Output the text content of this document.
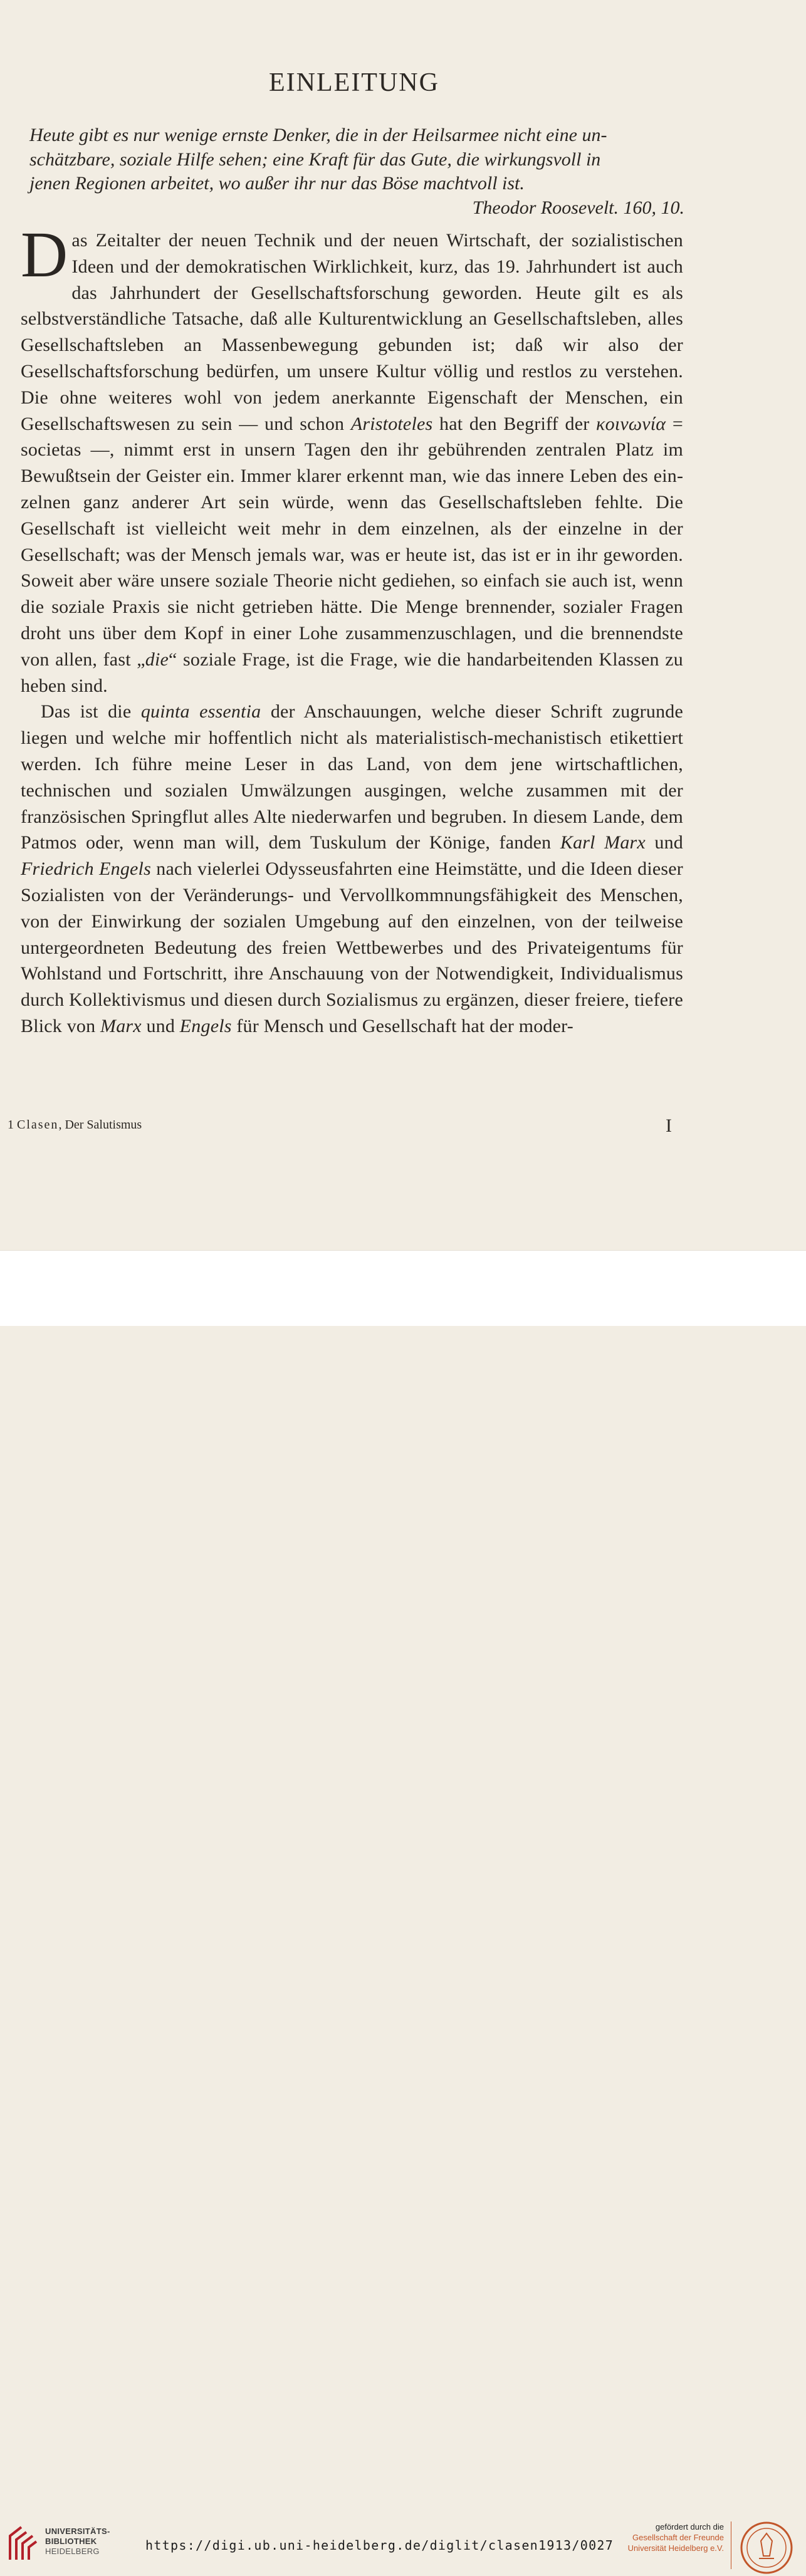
EINLEITUNG
Heute gibt es nur wenige ernste Denker, die in der Heilsarmee nicht eine un-
schätzbare, soziale Hilfe sehen; eine Kraft für das Gute, die wirkungsvoll in
jenen Regionen arbeitet, wo außer ihr nur das Böse machtvoll ist.
Theodor Roosevelt. 160, 10.

Das Zeitalter der neuen Technik und der neuen Wirtschaft, der sozialistischen Ideen und der demokratischen Wirklichkeit, kurz, das 19. Jahrhundert ist auch das Jahrhundert der Gesellschaftsforschung geworden. Heute gilt es als selbstverständliche Tatsache, daß alle Kulturentwicklung an Gesellschaftsleben, alles Gesellschaftsleben an Massenbewegung gebunden ist; daß wir also der Gesellschaftsforschung bedürfen, um unsere Kultur völlig und restlos zu verstehen. Die ohne weiteres wohl von jedem anerkannte Eigenschaft der Menschen, ein Gesellschaftswesen zu sein — und schon Aristoteles hat den Begriff der κοινωνία = societas —, nimmt erst in unsern Tagen den ihr gebührenden zentralen Platz im Bewußtsein der Geister ein. Immer klarer erkennt man, wie das innere Leben des einzelnen ganz anderer Art sein würde, wenn das Gesellschaftsleben fehlte. Die Gesellschaft ist vielleicht weit mehr in dem einzelnen, als der einzelne in der Gesellschaft; was der Mensch jemals war, was er heute ist, das ist er in ihr geworden. Soweit aber wäre unsere soziale Theorie nicht gediehen, so einfach sie auch ist, wenn die soziale Praxis sie nicht getrieben hätte. Die Menge brennender, sozialer Fragen droht uns über dem Kopf in einer Lohe zusammenzuschlagen, und die brennendste von allen, fast „die“ soziale Frage, ist die Frage, wie die handarbeitenden Klassen zu heben sind.

Das ist die quinta essentia der Anschauungen, welche dieser Schrift zugrunde liegen und welche mir hoffentlich nicht als materialistisch-mechanistisch etikettiert werden. Ich führe meine Leser in das Land, von dem jene wirtschaftlichen, technischen und sozialen Umwälzungen ausgingen, welche zusammen mit der französischen Springflut alles Alte niederwarfen und begruben. In diesem Lande, dem Patmos oder, wenn man will, dem Tuskulum der Könige, fanden Karl Marx und Friedrich Engels nach vielerlei Odysseusfahrten eine Heimstätte, und die Ideen dieser Sozialisten von der Veränderungs- und Vervollkommnungsfähigkeit des Menschen, von der Einwirkung der sozialen Umgebung auf den einzelnen, von der teilweise untergeordneten Bedeutung des freien Wettbewerbes und des Privateigentums für Wohlstand und Fortschritt, ihre Anschauung von der Notwendigkeit, Individualismus durch Kollektivismus und diesen durch Sozialismus zu ergänzen, dieser freiere, tiefere Blick von Marx und Engels für Mensch und Gesellschaft hat der moder-

1 Clasen, Der Salutismus	I
UNIVERSITÄTS-
BIBLIOTHEK
HEIDELBERG	https://digi.ub.uni-heidelberg.de/diglit/clasen1913/0027
gefördert durch die
Gesellschaft der Freunde
Universität Heidelberg e.V.
